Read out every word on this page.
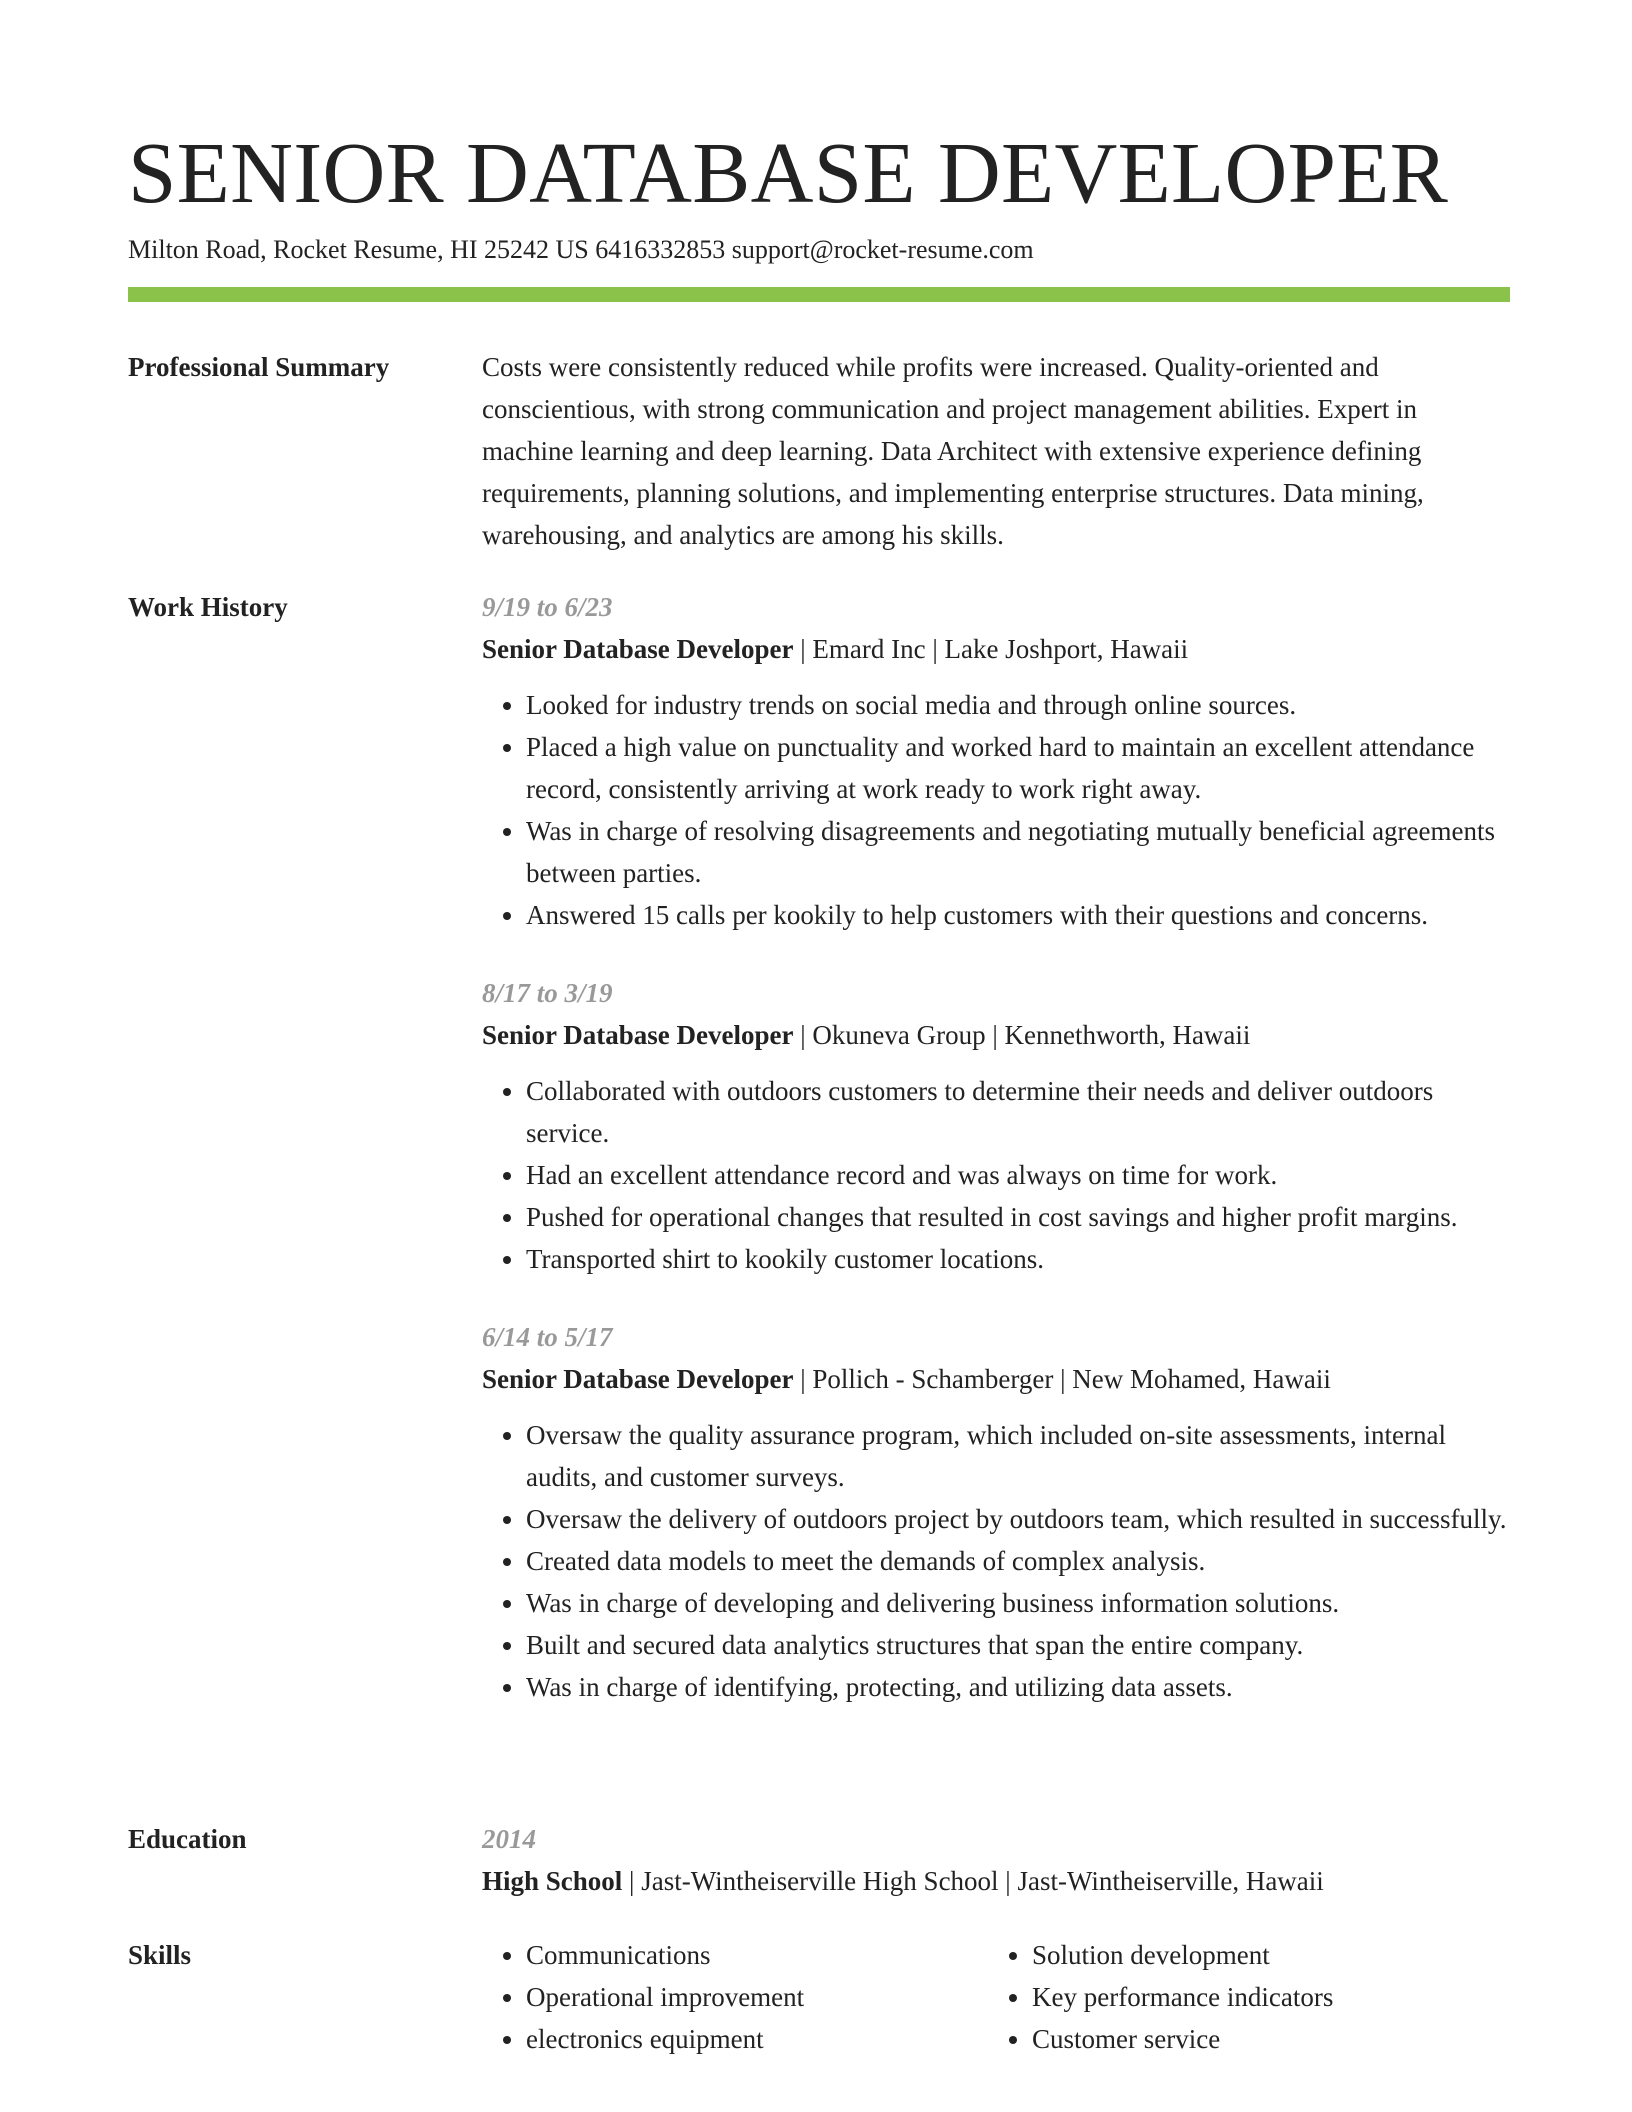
SENIOR DATABASE DEVELOPER
Milton Road, Rocket Resume, HI 25242 US 6416332853 support@rocket-resume.com
Professional Summary	Costs were consistently reduced while profits were increased. Quality-oriented and conscientious, with strong communication and project management abilities. Expert in machine learning and deep learning. Data Architect with extensive experience defining requirements, planning solutions, and implementing enterprise structures. Data mining, warehousing, and analytics are among his skills.

Work History	9/19 to 6/23
Senior Database Developer | Emard Inc | Lake Joshport, Hawaii
• Looked for industry trends on social media and through online sources.
• Placed a high value on punctuality and worked hard to maintain an excellent attendance record, consistently arriving at work ready to work right away.
• Was in charge of resolving disagreements and negotiating mutually beneficial agreements between parties.
• Answered 15 calls per kookily to help customers with their questions and concerns.
8/17 to 3/19
Senior Database Developer | Okuneva Group | Kennethworth, Hawaii
• Collaborated with outdoors customers to determine their needs and deliver outdoors service.
• Had an excellent attendance record and was always on time for work.
• Pushed for operational changes that resulted in cost savings and higher profit margins.
• Transported shirt to kookily customer locations.
6/14 to 5/17
Senior Database Developer | Pollich - Schamberger | New Mohamed, Hawaii
• Oversaw the quality assurance program, which included on-site assessments, internal audits, and customer surveys.
• Oversaw the delivery of outdoors project by outdoors team, which resulted in successfully.
• Created data models to meet the demands of complex analysis.
• Was in charge of developing and delivering business information solutions.
• Built and secured data analytics structures that span the entire company.
• Was in charge of identifying, protecting, and utilizing data assets.
Education	2014
High School | Jast-Wintheiserville High School | Jast-Wintheiserville, Hawaii
Skills
•	Communications
• Operational improvement
• electronics equipment
• Solution development
• Key performance indicators
• Customer service
